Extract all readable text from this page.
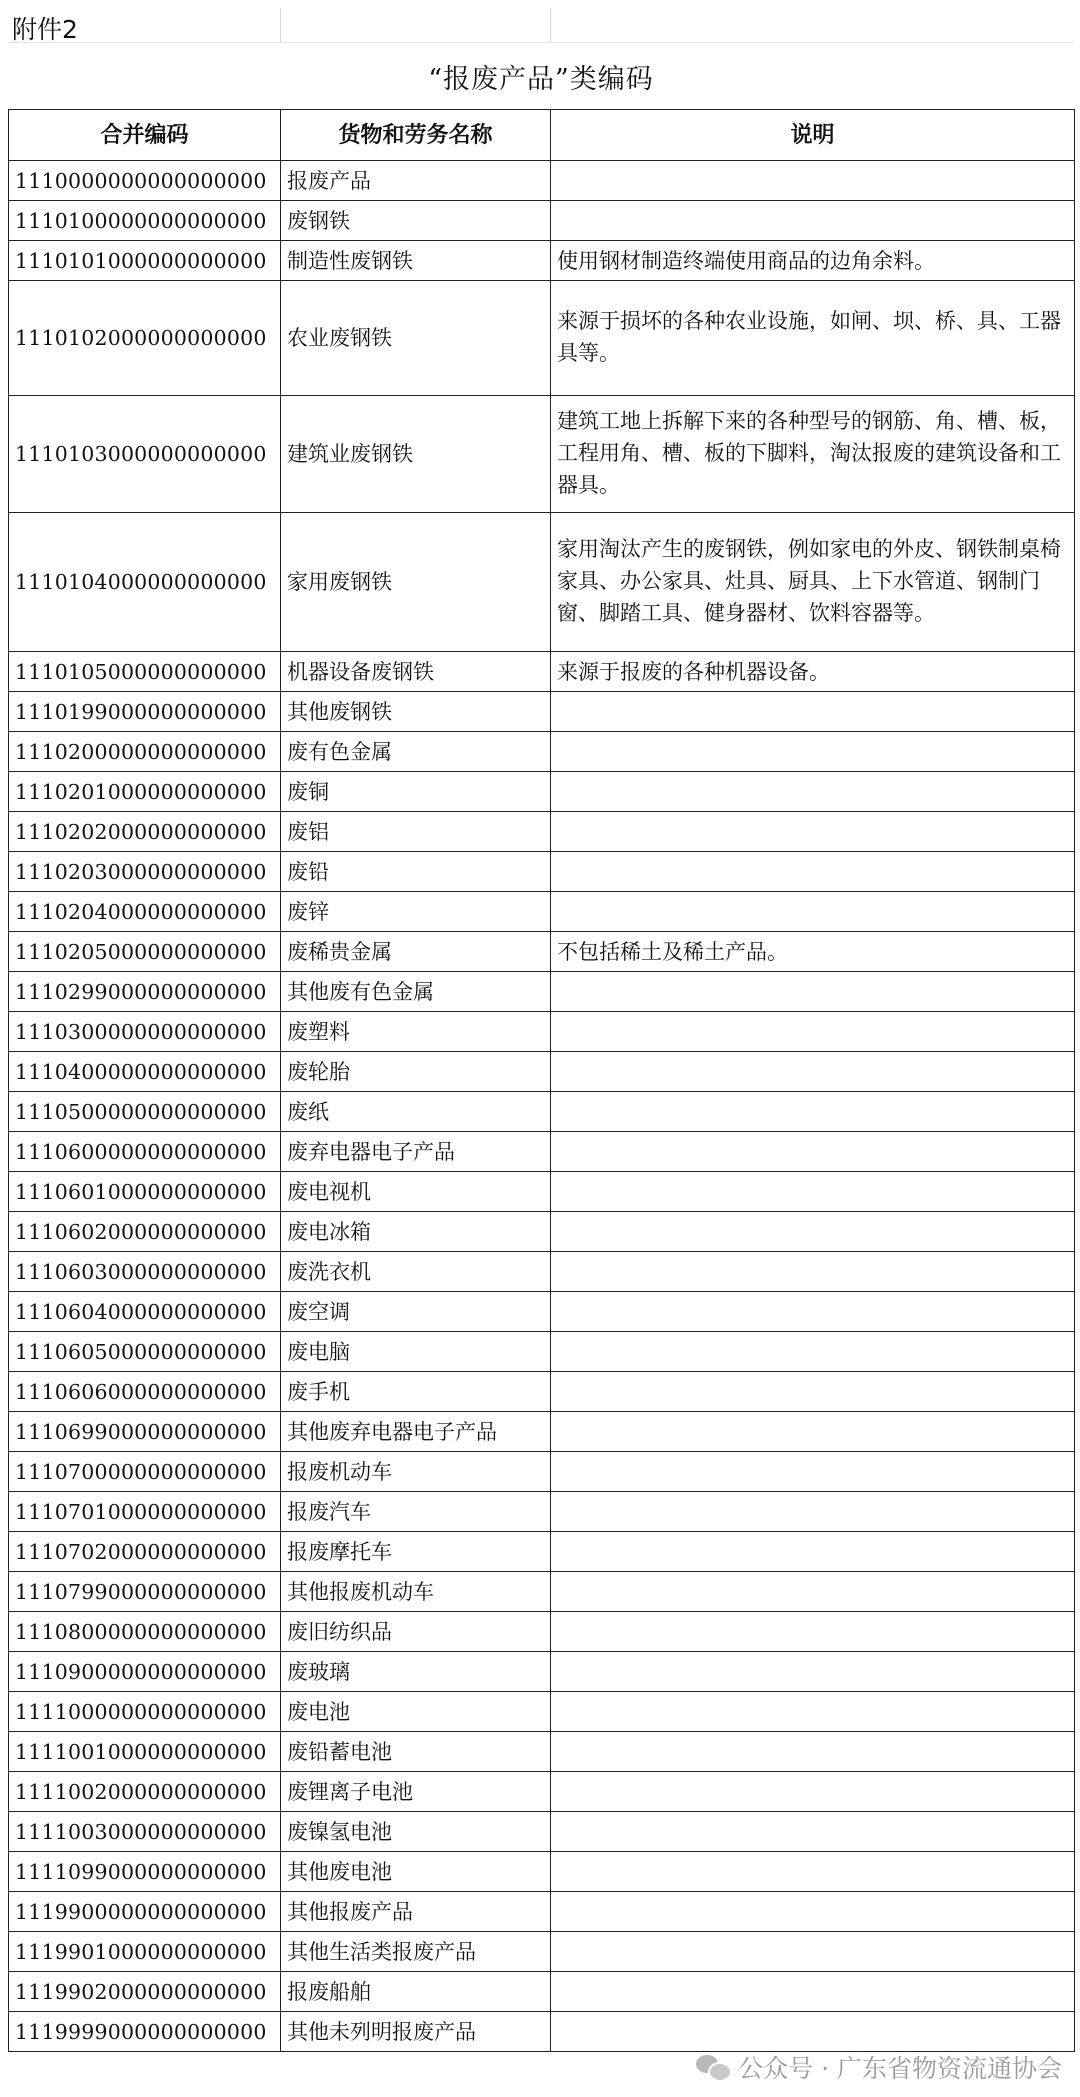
附件2
“报废产品”类编码
合并编码	货物和劳务名称	说明
1110000000000000000	报废产品	
1110100000000000000	废钢铁	
1110101000000000000	制造性废钢铁	使用钢材制造终端使用商品的边角余料。
1110102000000000000	农业废钢铁	来源于损坏的各种农业设施，如闸、坝、桥、具、工器具等。
1110103000000000000	建筑业废钢铁	建筑工地上拆解下来的各种型号的钢筋、角、槽、板，工程用角、槽、板的下脚料，淘汰报废的建筑设备和工器具。
1110104000000000000	家用废钢铁	家用淘汰产生的废钢铁，例如家电的外皮、钢铁制桌椅家具、办公家具、灶具、厨具、上下水管道、钢制门窗、脚踏工具、健身器材、饮料容器等。
1110105000000000000	机器设备废钢铁	来源于报废的各种机器设备。
1110199000000000000	其他废钢铁	
1110200000000000000	废有色金属	
1110201000000000000	废铜	
1110202000000000000	废铝	
1110203000000000000	废铅	
1110204000000000000	废锌	
1110205000000000000	废稀贵金属	不包括稀土及稀土产品。
1110299000000000000	其他废有色金属	
1110300000000000000	废塑料	
1110400000000000000	废轮胎	
1110500000000000000	废纸	
1110600000000000000	废弃电器电子产品	
1110601000000000000	废电视机	
1110602000000000000	废电冰箱	
1110603000000000000	废洗衣机	
1110604000000000000	废空调	
1110605000000000000	废电脑	
1110606000000000000	废手机	
1110699000000000000	其他废弃电器电子产品	
1110700000000000000	报废机动车	
1110701000000000000	报废汽车	
1110702000000000000	报废摩托车	
1110799000000000000	其他报废机动车	
1110800000000000000	废旧纺织品	
1110900000000000000	废玻璃	
1111000000000000000	废电池	
1111001000000000000	废铅蓄电池	
1111002000000000000	废锂离子电池	
1111003000000000000	废镍氢电池	
1111099000000000000	其他废电池	
1119900000000000000	其他报废产品	
1119901000000000000	其他生活类报废产品	
1119902000000000000	报废船舶	
1119999000000000000	其他未列明报废产品	
公众号 · 广东省物资流通协会
